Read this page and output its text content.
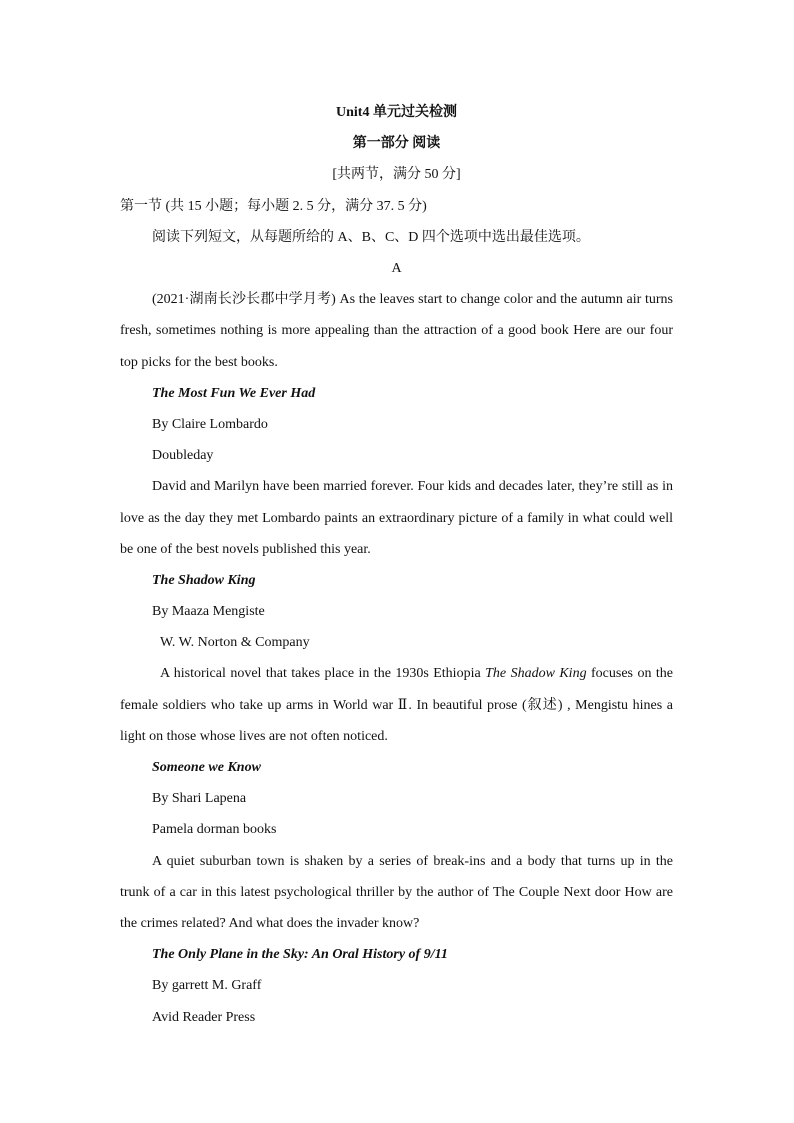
Unit4 单元过关检测
第一部分 阅读
[共两节，满分 50 分]
第一节 (共 15 小题；每小题 2. 5 分，满分 37. 5 分)
阅读下列短文，从每题所给的 A、B、C、D 四个选项中选出最佳选项。
A
(2021·湖南长沙长郡中学月考) As the leaves start to change color and the autumn air turns fresh, sometimes nothing is more appealing than the attraction of a good book Here are our four top picks for the best books.
The Most Fun We Ever Had
By Claire Lombardo
Doubleday
David and Marilyn have been married forever. Four kids and decades later, they’re still as in love as the day they met Lombardo paints an extraordinary picture of a family in what could well be one of the best novels published this year.
The Shadow King
By Maaza Mengiste
W. W. Norton & Company
A historical novel that takes place in the 1930s Ethiopia The Shadow King focuses on the female soldiers who take up arms in World war Ⅱ. In beautiful prose (叙述) , Mengistu hines a light on those whose lives are not often noticed.
Someone we Know
By Shari Lapena
Pamela dorman books
A quiet suburban town is shaken by a series of break-ins and a body that turns up in the trunk of a car in this latest psychological thriller by the author of The Couple Next door How are the crimes related? And what does the invader know?
The Only Plane in the Sky: An Oral History of 9/11
By garrett M. Graff
Avid Reader Press
